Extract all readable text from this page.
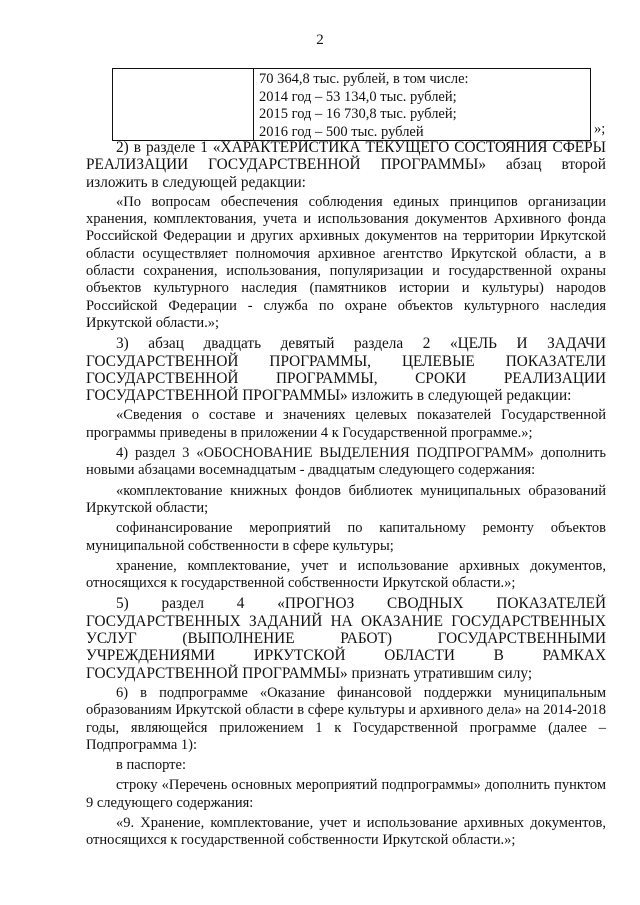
2
70 364,8 тыс. рублей, в том числе:
2014 год – 53 134,0 тыс. рублей;
2015 год – 16 730,8 тыс. рублей;
2016 год – 500 тыс. рублей	»;

2) в разделе 1 «ХАРАКТЕРИСТИКА ТЕКУЩЕГО СОСТОЯНИЯ СФЕРЫ РЕАЛИЗАЦИИ ГОСУДАРСТВЕННОЙ ПРОГРАММЫ» абзац второй изложить в следующей редакции:

«По вопросам обеспечения соблюдения единых принципов организации хранения, комплектования, учета и использования документов Архивного фонда Российской Федерации и других архивных документов на территории Иркутской области осуществляет полномочия архивное агентство Иркутской области, а в области сохранения, использования, популяризации и государственной охраны объектов культурного наследия (памятников истории и культуры) народов Российской Федерации - служба по охране объектов культурного наследия Иркутской области.»;

3) абзац двадцать девятый раздела 2 «ЦЕЛЬ И ЗАДАЧИ ГОСУДАРСТВЕННОЙ ПРОГРАММЫ, ЦЕЛЕВЫЕ ПОКАЗАТЕЛИ ГОСУДАРСТВЕННОЙ ПРОГРАММЫ, СРОКИ РЕАЛИЗАЦИИ ГОСУДАРСТВЕННОЙ ПРОГРАММЫ» изложить в следующей редакции:

«Сведения о составе и значениях целевых показателей Государственной программы приведены в приложении 4 к Государственной программе.»;

4) раздел 3 «ОБОСНОВАНИЕ ВЫДЕЛЕНИЯ ПОДПРОГРАММ» дополнить новыми абзацами восемнадцатым - двадцатым следующего содержания:

«комплектование книжных фондов библиотек муниципальных образований Иркутской области;

софинансирование мероприятий по капитальному ремонту объектов муниципальной собственности в сфере культуры;

хранение, комплектование, учет и использование архивных документов, относящихся к государственной собственности Иркутской области.»;

5) раздел 4 «ПРОГНОЗ СВОДНЫХ ПОКАЗАТЕЛЕЙ ГОСУДАРСТВЕННЫХ ЗАДАНИЙ НА ОКАЗАНИЕ ГОСУДАРСТВЕННЫХ УСЛУГ (ВЫПОЛНЕНИЕ РАБОТ) ГОСУДАРСТВЕННЫМИ УЧРЕЖДЕНИЯМИ ИРКУТСКОЙ ОБЛАСТИ В РАМКАХ ГОСУДАРСТВЕННОЙ ПРОГРАММЫ» признать утратившим силу;

6) в подпрограмме «Оказание финансовой поддержки муниципальным образованиям Иркутской области в сфере культуры и архивного дела» на 2014-2018 годы, являющейся приложением 1 к Государственной программе (далее – Подпрограмма 1):

в паспорте:

строку «Перечень основных мероприятий подпрограммы» дополнить пунктом 9 следующего содержания:

«9. Хранение, комплектование, учет и использование архивных документов, относящихся к государственной собственности Иркутской области.»;
